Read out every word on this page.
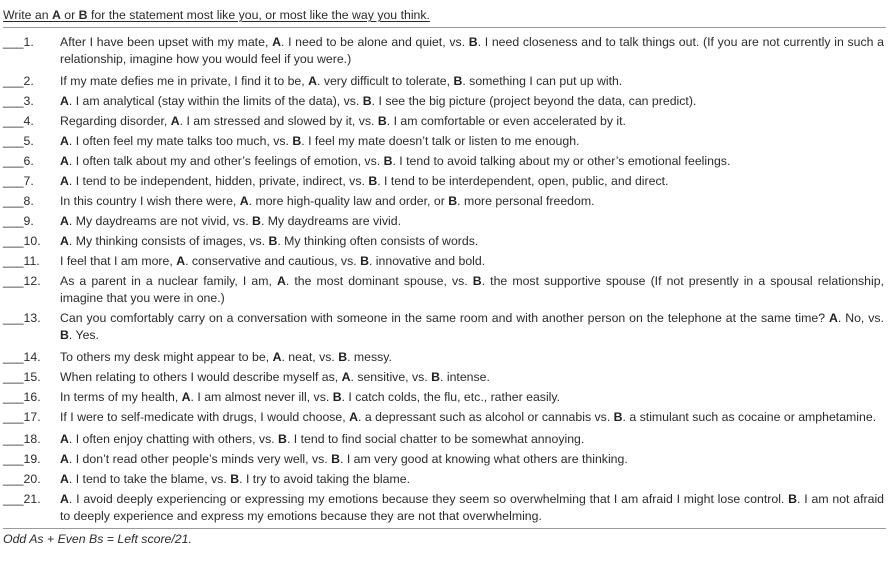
Write an A or B for the statement most like you, or most like the way you think.
___1.	After I have been upset with my mate, A. I need to be alone and quiet, vs. B. I need closeness and to talk things out. (If you are not currently in such a relationship, imagine how you would feel if you were.)
___2.	If my mate defies me in private, I find it to be, A. very difficult to tolerate, B. something I can put up with.
___3.	A. I am analytical (stay within the limits of the data), vs. B. I see the big picture (project beyond the data, can predict).
___4.	Regarding disorder, A. I am stressed and slowed by it, vs. B. I am comfortable or even accelerated by it.
___5.	A. I often feel my mate talks too much, vs. B. I feel my mate doesn’t talk or listen to me enough.
___6.	A. I often talk about my and other’s feelings of emotion, vs. B. I tend to avoid talking about my or other’s emotional feelings.
___7.	A. I tend to be independent, hidden, private, indirect, vs. B. I tend to be interdependent, open, public, and direct.
___8.	In this country I wish there were, A. more high-quality law and order, or B. more personal freedom.
___9.	A. My daydreams are not vivid, vs. B. My daydreams are vivid.
___10.	A. My thinking consists of images, vs. B. My thinking often consists of words.
___11.	I feel that I am more, A. conservative and cautious, vs. B. innovative and bold.
___12.	As a parent in a nuclear family, I am, A. the most dominant spouse, vs. B. the most supportive spouse (If not presently in a spousal relationship, imagine that you were in one.)
___13.	Can you comfortably carry on a conversation with someone in the same room and with another person on the telephone at the same time? A. No, vs. B. Yes.
___14.	To others my desk might appear to be, A. neat, vs. B. messy.
___15.	When relating to others I would describe myself as, A. sensitive, vs. B. intense.
___16.	In terms of my health, A. I am almost never ill, vs. B. I catch colds, the flu, etc., rather easily.
___17.	If I were to self-medicate with drugs, I would choose, A. a depressant such as alcohol or cannabis vs. B. a stimulant such as cocaine or amphetamine.
___18.	A. I often enjoy chatting with others, vs. B. I tend to find social chatter to be somewhat annoying.
___19.	A. I don’t read other people’s minds very well, vs. B. I am very good at knowing what others are thinking.
___20.	A. I tend to take the blame, vs. B. I try to avoid taking the blame.
___21.	A. I avoid deeply experiencing or expressing my emotions because they seem so overwhelming that I am afraid I might lose control. B. I am not afraid to deeply experience and express my emotions because they are not that overwhelming.
Odd As + Even Bs = Left score/21.
